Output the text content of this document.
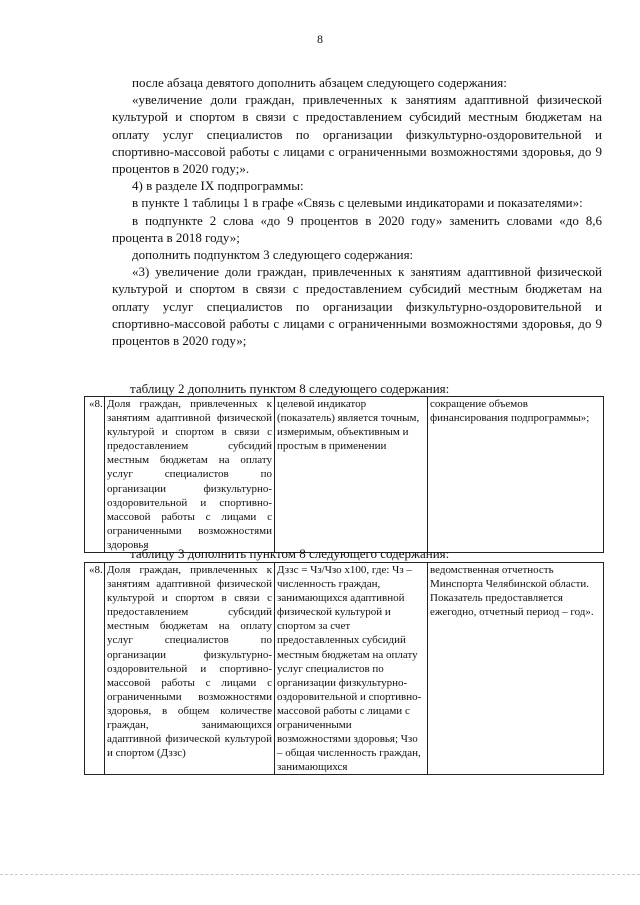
8

после абзаца девятого дополнить абзацем следующего содержания:

«увеличение доли граждан, привлеченных к занятиям адаптивной физической культурой и спортом в связи с предоставлением субсидий местным бюджетам на оплату услуг специалистов по организации физкультурно-оздоровительной и спортивно-массовой работы с лицами с ограниченными возможностями здоровья, до 9 процентов в 2020 году;».

4) в разделе IX подпрограммы:

в пункте 1 таблицы 1 в графе «Связь с целевыми индикаторами и показателями»:

в подпункте 2 слова «до 9 процентов в 2020 году» заменить словами «до 8,6 процента в 2018 году»;

дополнить подпунктом 3 следующего содержания:

«3) увеличение доли граждан, привлеченных к занятиям адаптивной физической культурой и спортом в связи с предоставлением субсидий местным бюджетам на оплату услуг специалистов по организации физкультурно-оздоровительной и спортивно-массовой работы с лицами с ограниченными возможностями здоровья, до 9 процентов в 2020 году»;

таблицу 2 дополнить пунктом 8 следующего содержания:
«8.	Доля граждан, привлеченных к занятиям адаптивной физической культурой и спортом в связи с предоставлением субсидий местным бюджетам на оплату услуг специалистов по организации физкультурно-оздоровительной и спортивно-массовой работы с лицами с ограниченными возможностями здоровья	целевой индикатор (показатель) является точным, измеримым, объективным и простым в применении	сокращение объемов финансирования подпрограммы»;
таблицу 3 дополнить пунктом 8 следующего содержания:
«8.	Доля граждан, привлеченных к занятиям адаптивной физической культурой и спортом в связи с предоставлением субсидий местным бюджетам на оплату услуг специалистов по организации физкультурно-оздоровительной и спортивно-массовой работы с лицами с ограниченными возможностями здоровья, в общем количестве граждан, занимающихся адаптивной физической культурой и спортом (Дззс)	Дззс = Чз/Чзо х100, где: Чз – численность граждан, занимающихся адаптивной физической культурой и спортом за счет предоставленных субсидий местным бюджетам на оплату услуг специалистов по организации физкультурно-оздоровительной и спортивно-массовой работы с лицами с ограниченными возможностями здоровья; Чзо – общая численность граждан, занимающихся	ведомственная отчетность Минспорта Челябинской области. Показатель предоставляется ежегодно, отчетный период – год».
